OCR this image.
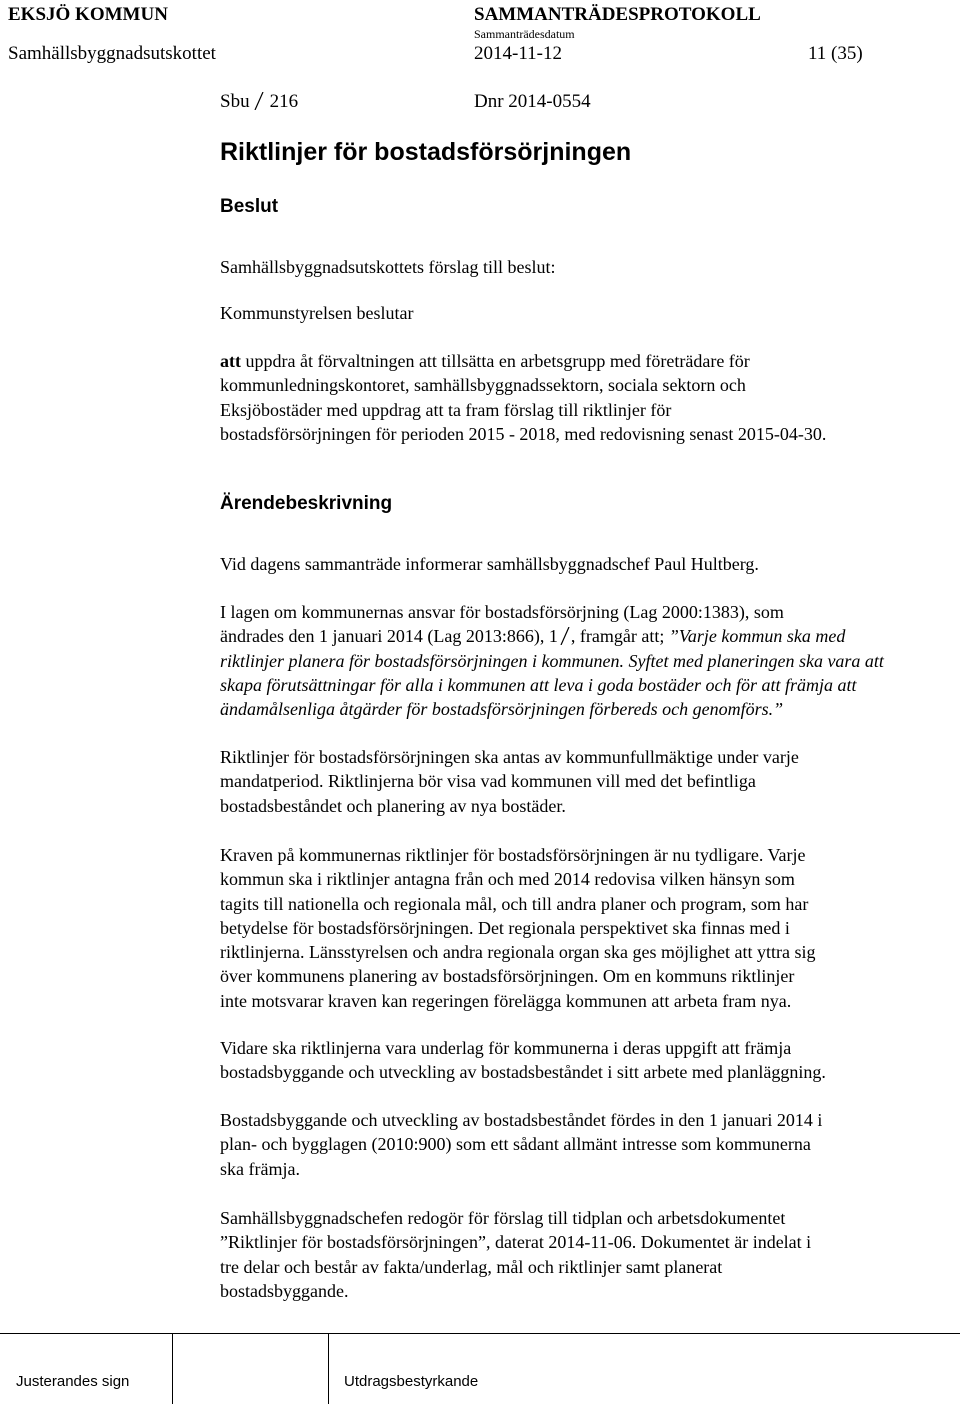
EKSJÖ KOMMUN	SAMMANTRÄDESPROTOKOLL
Sammanträdesdatum
Samhällsbyggnadsutskottet	2014-11-12	11 (35)
Sbu 216	Dnr 2014-0554
Riktlinjer för bostadsförsörjningen
Beslut
Samhällsbyggnadsutskottets förslag till beslut:
Kommunstyrelsen beslutar
att uppdra åt förvaltningen att tillsätta en arbetsgrupp med företrädare för
kommunledningskontoret, samhällsbyggnadssektorn, sociala sektorn och
Eksjöbostäder med uppdrag att ta fram förslag till riktlinjer för
bostadsförsörjningen för perioden 2015 - 2018, med redovisning senast 2015-04-30.
Ärendebeskrivning
Vid dagens sammanträde informerar samhällsbyggnadschef Paul Hultberg.
I lagen om kommunernas ansvar för bostadsförsörjning (Lag 2000:1383), som
ändrades den 1 januari 2014 (Lag 2013:866), 1 , framgår att; ”Varje kommun ska med
riktlinjer planera för bostadsförsörjningen i kommunen. Syftet med planeringen ska vara att
skapa förutsättningar för alla i kommunen att leva i goda bostäder och för att främja att
ändamålsenliga åtgärder för bostadsförsörjningen förbereds och genomförs.”
Riktlinjer för bostadsförsörjningen ska antas av kommunfullmäktige under varje
mandatperiod. Riktlinjerna bör visa vad kommunen vill med det befintliga
bostadsbeståndet och planering av nya bostäder.
Kraven på kommunernas riktlinjer för bostadsförsörjningen är nu tydligare. Varje
kommun ska i riktlinjer antagna från och med 2014 redovisa vilken hänsyn som
tagits till nationella och regionala mål, och till andra planer och program, som har
betydelse för bostadsförsörjningen. Det regionala perspektivet ska finnas med i
riktlinjerna. Länsstyrelsen och andra regionala organ ska ges möjlighet att yttra sig
över kommunens planering av bostadsförsörjningen. Om en kommuns riktlinjer
inte motsvarar kraven kan regeringen förelägga kommunen att arbeta fram nya.
Vidare ska riktlinjerna vara underlag för kommunerna i deras uppgift att främja
bostadsbyggande och utveckling av bostadsbeståndet i sitt arbete med planläggning.
Bostadsbyggande och utveckling av bostadsbeståndet fördes in den 1 januari 2014 i
plan- och bygglagen (2010:900) som ett sådant allmänt intresse som kommunerna
ska främja.
Samhällsbyggnadschefen redogör för förslag till tidplan och arbetsdokumentet
”Riktlinjer för bostadsförsörjningen”, daterat 2014-11-06. Dokumentet är indelat i
tre delar och består av fakta/underlag, mål och riktlinjer samt planerat
bostadsbyggande.
Justerandes sign	Utdragsbestyrkande
